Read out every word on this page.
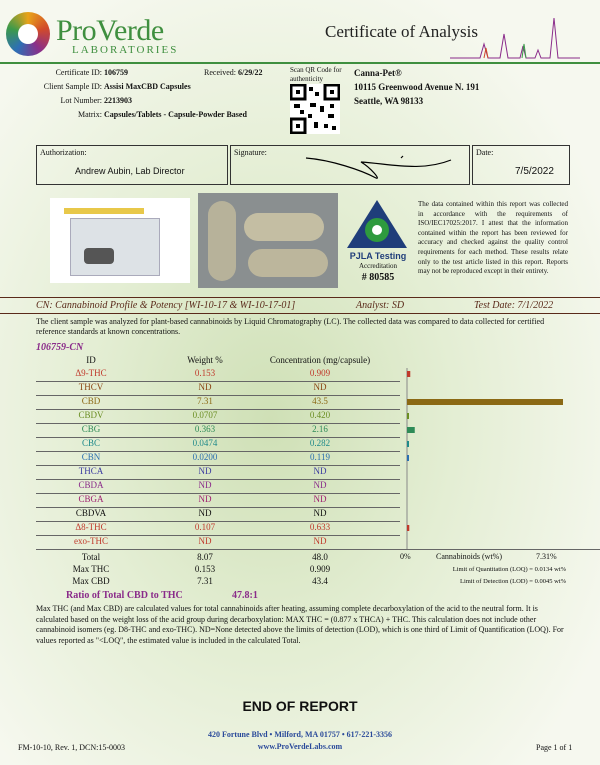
ProVerde
LABORATORIES
Certificate of Analysis
Certificate ID: 106759	Received: 6/29/22
Client Sample ID: Assisi MaxCBD Capsules
Lot Number: 2213903
Matrix: Capsules/Tablets - Capsule-Powder Based
Scan QR Code for authenticity
Canna-Pet®
10115 Greenwood Avenue N. 191
Seattle, WA 98133
Authorization:
Andrew Aubin, Lab Director
Signature:	Date:
7/5/2022
PJLA Testing
Accreditation
# 80585
The data contained within this report was collected in accordance with the requirements of ISO/IEC17025:2017. I attest that the information contained within the report has been reviewed for accuracy and checked against the quality control requirements for each method. These results relate only to the test article listed in this report. Reports may not be reproduced except in their entirety.
CN: Cannabinoid Profile & Potency [WI-10-17 & WI-10-17-01]	Analyst: SD	Test Date: 7/1/2022
The client sample was analyzed for plant-based cannabinoids by Liquid Chromatography (LC). The collected data was compared to data collected for certified reference standards at known concentrations.
106759-CN
ID	Weight %	Concentration (mg/capsule)
Δ9-THC	0.153	0.909
THCV	ND	ND
CBD	7.31	43.5
CBDV	0.0707	0.420
CBG	0.363	2.16
CBC	0.0474	0.282
CBN	0.0200	0.119
THCA	ND	ND
CBDA	ND	ND
CBGA	ND	ND
CBDVA	ND	ND
Δ8-THC	0.107	0.633
exo-THC	ND	ND
Total	8.07	48.0
Max THC	0.153	0.909
Max CBD	7.31	43.4
0%	Cannabinoids (wt%)	7.31%
Limit of Quantitation (LOQ) = 0.0134 wt%
Limit of Detection (LOD) = 0.0045 wt%
Ratio of Total CBD to THC	47.8:1
Max THC (and Max CBD) are calculated values for total cannabinoids after heating, assuming complete decarboxylation of the acid to the neutral form. It is calculated based on the weight loss of the acid group during decarboxylation: MAX THC = (0.877 x THCA) + THC. This calculation does not include other cannabinoid isomers (eg. D8-THC and exo-THC). ND=None detected above the limits of detection (LOD), which is one third of Limit of Quantification (LOQ). For values reported as "<LOQ", the estimated value is included in the calculated Total.
END OF REPORT
420 Fortune Blvd • Milford, MA 01757 • 617-221-3356
www.ProVerdeLabs.com
FM-10-10, Rev. 1, DCN:15-0003	Page 1 of 1
